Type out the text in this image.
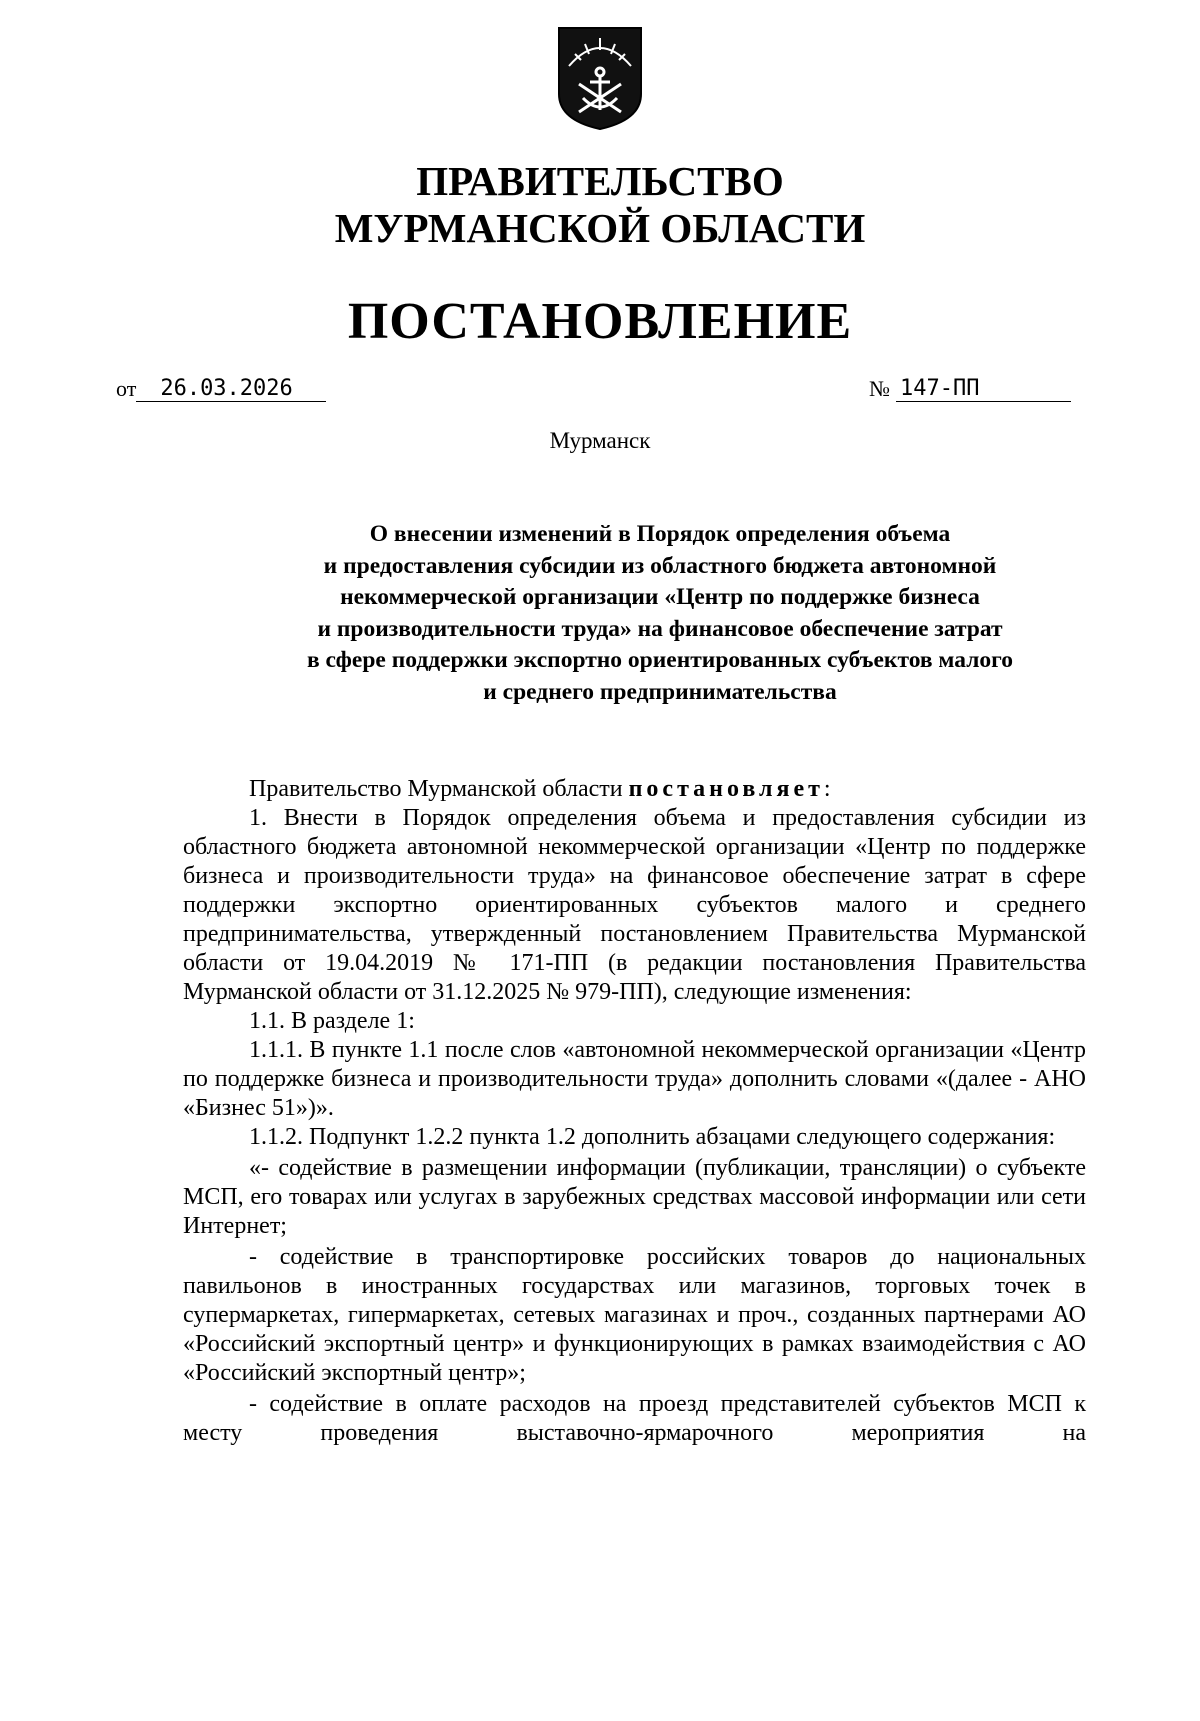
ПРАВИТЕЛЬСТВО
МУРМАНСКОЙ ОБЛАСТИ
ПОСТАНОВЛЕНИЕ
от 26.03.2026	№ 147-ПП
Мурманск
О внесении изменений в Порядок определения объема
и предоставления субсидии из областного бюджета автономной
некоммерческой организации «Центр по поддержке бизнеса
и производительности труда» на финансовое обеспечение затрат
в сфере поддержки экспортно ориентированных субъектов малого
и среднего предпринимательства

Правительство Мурманской области постановляет:

1. Внести в Порядок определения объема и предоставления субсидии из областного бюджета автономной некоммерческой организации «Центр по поддержке бизнеса и производительности труда» на финансовое обеспечение затрат в сфере поддержки экспортно ориентированных субъектов малого и среднего предпринимательства, утвержденный постановлением Правительства Мурманской области от 19.04.2019 № 171-ПП (в редакции постановления Правительства Мурманской области от 31.12.2025 № 979-ПП), следующие изменения:

1.1. В разделе 1:

1.1.1. В пункте 1.1 после слов «автономной некоммерческой организации «Центр по поддержке бизнеса и производительности труда» дополнить словами «(далее - АНО «Бизнес 51»)».

1.1.2. Подпункт 1.2.2 пункта 1.2 дополнить абзацами следующего содержания:

«- содействие в размещении информации (публикации, трансляции) о субъекте МСП, его товарах или услугах в зарубежных средствах массовой информации или сети Интернет;

- содействие в транспортировке российских товаров до национальных павильонов в иностранных государствах или магазинов, торговых точек в супермаркетах, гипермаркетах, сетевых магазинах и проч., созданных партнерами АО «Российский экспортный центр» и функционирующих в рамках взаимодействия с АО «Российский экспортный центр»;

- содействие в оплате расходов на проезд представителей субъектов МСП к месту проведения выставочно-ярмарочного мероприятия на
